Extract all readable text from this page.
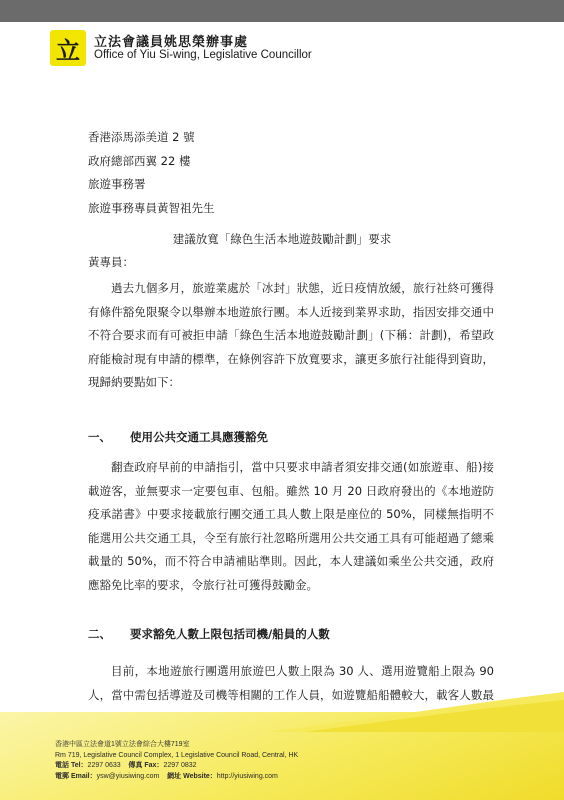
立	立法會議員姚思榮辦事處
Office of Yiu Si-wing, Legislative Councillor
香港添馬添美道 2 號
政府總部西翼 22 樓
旅遊事務署
旅遊事務專員黃智祖先生
建議放寬「綠色生活本地遊鼓勵計劃」要求
黃專員：
過去九個多月，旅遊業處於「冰封」狀態，近日疫情放緩，旅行社終可獲得有條件豁免限聚令以舉辦本地遊旅行團。本人近接到業界求助，指因安排交通中不符合要求而有可被拒申請「綠色生活本地遊鼓勵計劃」(下稱：計劃)，希望政府能檢討現有申請的標準，在條例容許下放寬要求，讓更多旅行社能得到資助，現歸納要點如下：
一、 使用公共交通工具應獲豁免
翻查政府早前的申請指引，當中只要求申請者須安排交通(如旅遊車、船)接載遊客，並無要求一定要包車、包船。雖然 10 月 20 日政府發出的《本地遊防疫承諾書》中要求接載旅行團交通工具人數上限是座位的 50%，同樣無指明不能選用公共交通工具，令至有旅行社忽略所選用公共交通工具有可能超過了總乘載量的 50%，而不符合申請補貼準則。因此，本人建議如乘坐公共交通，政府應豁免比率的要求，令旅行社可獲得鼓勵金。
二、 要求豁免人數上限包括司機/船員的人數
目前，本地遊旅行團選用旅遊巴人數上限為 30 人、選用遊覽船上限為 90 人，當中需包括導遊及司機等相關的工作人員，如遊覽船船體較大，載客人數最
香港中區立法會道1號立法會綜合大樓719室
Rm 719, Legislative Council Complex, 1 Legislative Council Road, Central, HK
電話 Tel：2297 0633 傳真 Fax：2297 0832
電郵 Email：ysw@yiusiwing.com 網址 Website：http://yiusiwing.com
